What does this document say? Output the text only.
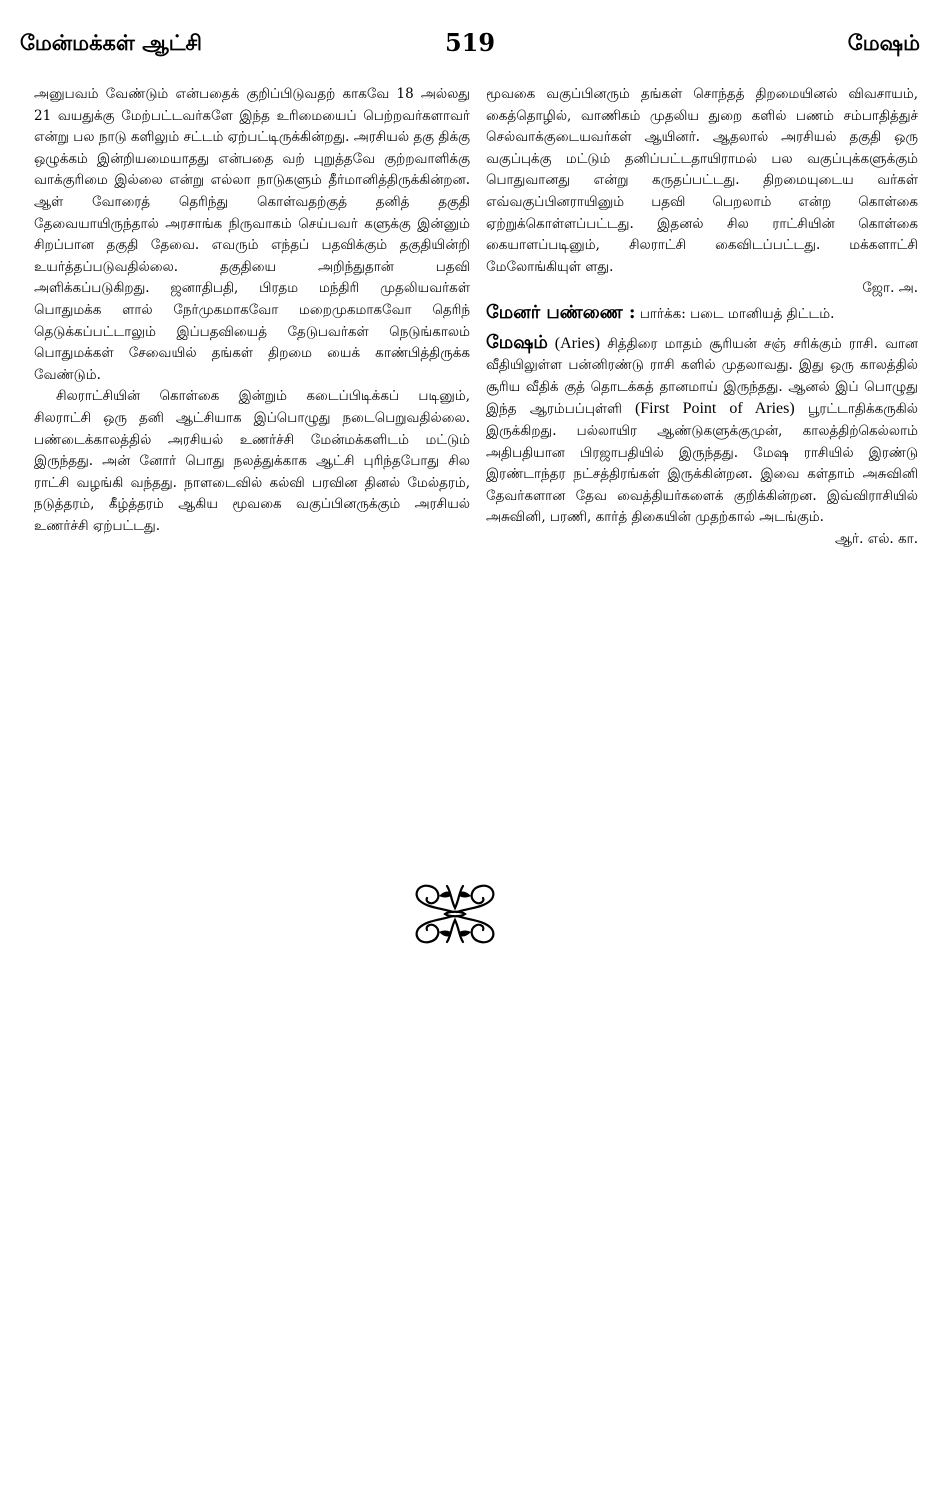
மேன்மக்கள் ஆட்சி	519	மேஷம்

அனுபவம் வேண்டும் என்பதைக் குறிப்பிடுவதற் காகவே 18 அல்லது 21 வயதுக்கு மேற்பட்டவர்களே இந்த உரிமையைப் பெற்றவர்களாவர் என்று பல நாடு களிலும் சட்டம் ஏற்பட்டிருக்கின்றது. அரசியல் தகு திக்கு ஒழுக்கம் இன்றியமையாதது என்பதை வற் புறுத்தவே குற்றவாளிக்கு வாக்குரிமை இல்லை என்று எல்லா நாடுகளும் தீர்மானித்திருக்கின்றன. ஆள் வோரைத் தெரிந்து கொள்வதற்குத் தனித் தகுதி தேவையாயிருந்தால் அரசாங்க நிருவாகம் செய்பவர் களுக்கு இன்னும் சிறப்பான தகுதி தேவை. எவரும் எந்தப் பதவிக்கும் தகுதியின்றி உயர்த்தப்படுவதில்லை. தகுதியை அறிந்துதான் பதவி அளிக்கப்படுகிறது. ஜனாதிபதி, பிரதம மந்திரி முதலியவர்கள் பொதுமக்க ளால் நேர்முகமாகவோ மறைமுகமாகவோ தெரிந் தெடுக்கப்பட்டாலும் இப்பதவியைத் தேடுபவர்கள் நெடுங்காலம் பொதுமக்கள் சேவையில் தங்கள் திறமை யைக் காண்பித்திருக்க வேண்டும்.

சிலராட்சியின் கொள்கை இன்றும் கடைப்பிடிக்கப் படினும், சிலராட்சி ஒரு தனி ஆட்சியாக இப்பொழுது நடைபெறுவதில்லை. பண்டைக்காலத்தில் அரசியல் உணர்ச்சி மேன்மக்களிடம் மட்டும் இருந்தது. அன் னோர் பொது நலத்துக்காக ஆட்சி புரிந்தபோது சில ராட்சி வழங்கி வந்தது. நாளடைவில் கல்வி பரவின தினல் மேல்தரம், நடுத்தரம், கீழ்த்தரம் ஆகிய மூவகை வகுப்பினருக்கும் அரசியல் உணர்ச்சி ஏற்பட்டது.

மூவகை வகுப்பினரும் தங்கள் சொந்தத் திறமையினல் விவசாயம், கைத்தொழில், வாணிகம் முதலிய துறை களில் பணம் சம்பாதித்துச் செல்வாக்குடையவர்கள் ஆயினர். ஆதலால் அரசியல் தகுதி ஒரு வகுப்புக்கு மட்டும் தனிப்பட்டதாயிராமல் பல வகுப்புக்களுக்கும் பொதுவானது என்று கருதப்பட்டது. திறமையுடைய வர்கள் எவ்வகுப்பினராயினும் பதவி பெறலாம் என்ற கொள்கை ஏற்றுக்கொள்ளப்பட்டது. இதனல் சில ராட்சியின் கொள்கை கையாளப்படினும், சிலராட்சி கைவிடப்பட்டது. மக்களாட்சி மேலோங்கியுள் ளது.

ஜோ. அ.

மேனர் பண்ணை : பார்க்க: படை மானியத் திட்டம்.

மேஷம் (Aries) சித்திரை மாதம் சூரியன் சஞ் சரிக்கும் ராசி. வான வீதியிலுள்ள பன்னிரண்டு ராசி களில் முதலாவது. இது ஒரு காலத்தில் சூரிய வீதிக் குத் தொடக்கத் தானமாய் இருந்தது. ஆனல் இப் பொழுது இந்த ஆரம்பப்புள்ளி (First Point of Aries) பூரட்டாதிக்கருகில் இருக்கிறது. பல்லாயிர ஆண்டுகளுக்குமுன், காலத்திற்கெல்லாம் அதிபதியான பிரஜாபதியில் இருந்தது. மேஷ ராசியில் இரண்டு இரண்டாந்தர நட்சத்திரங்கள் இருக்கின்றன. இவை கள்தாம் அசுவினி தேவர்களான தேவ வைத்தியர்களைக் குறிக்கின்றன. இவ்விராசியில் அசுவினி, பரணி, கார்த் திகையின் முதற்கால் அடங்கும்.

ஆர். எல். கா.
